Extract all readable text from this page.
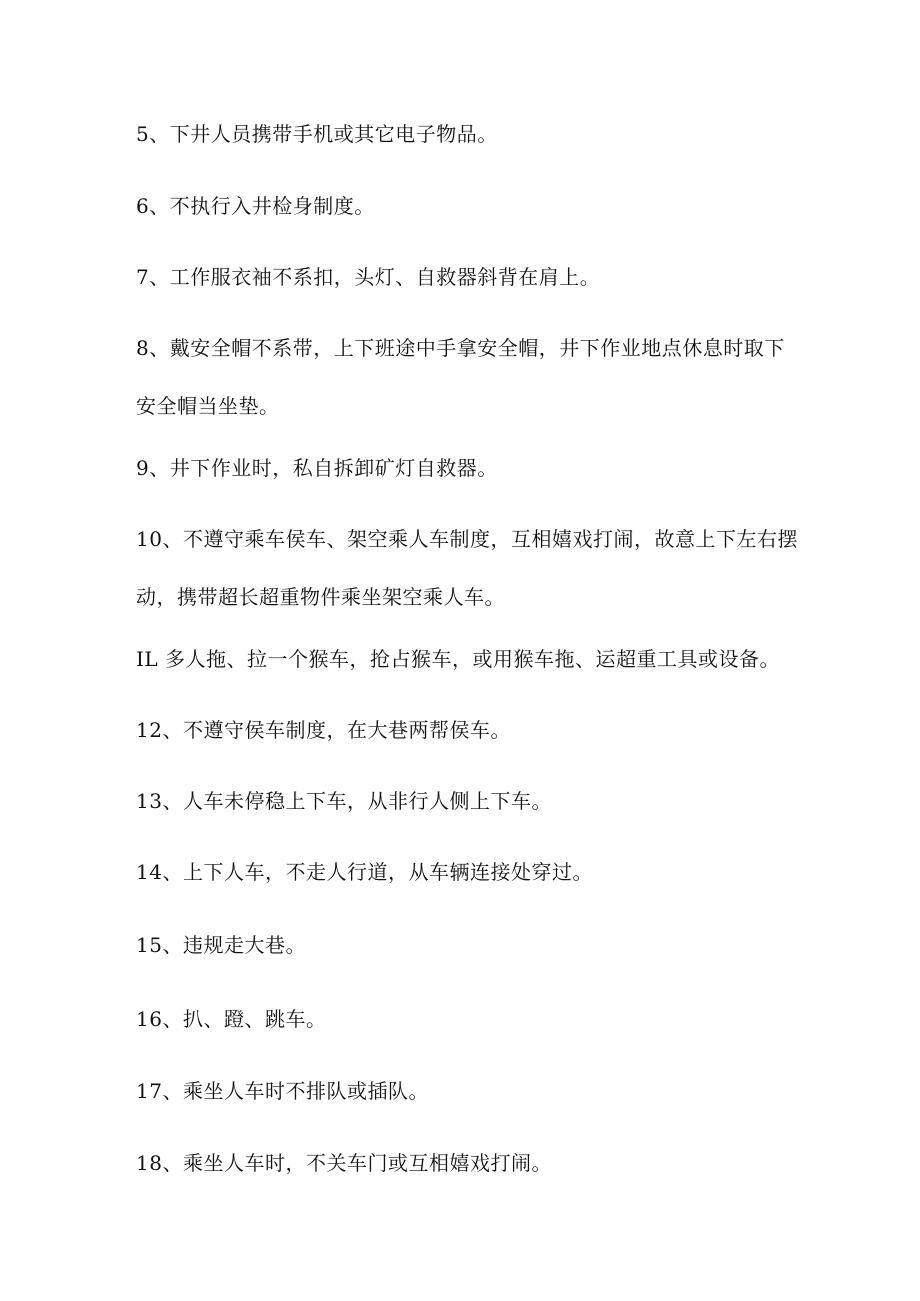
5、下井人员携带手机或其它电子物品。

6、不执行入井检身制度。

7、工作服衣袖不系扣，头灯、自救器斜背在肩上。

8、戴安全帽不系带，上下班途中手拿安全帽，井下作业地点休息时取下
安全帽当坐垫。

9、井下作业时，私自拆卸矿灯自救器。

10、不遵守乘车侯车、架空乘人车制度，互相嬉戏打闹，故意上下左右摆
动，携带超长超重物件乘坐架空乘人车。

IL 多人拖、拉一个猴车，抢占猴车，或用猴车拖、运超重工具或设备。

12、不遵守侯车制度，在大巷两帮侯车。

13、人车未停稳上下车，从非行人侧上下车。

14、上下人车，不走人行道，从车辆连接处穿过。

15、违规走大巷。

16、扒、蹬、跳车。

17、乘坐人车时不排队或插队。

18、乘坐人车时，不关车门或互相嬉戏打闹。
